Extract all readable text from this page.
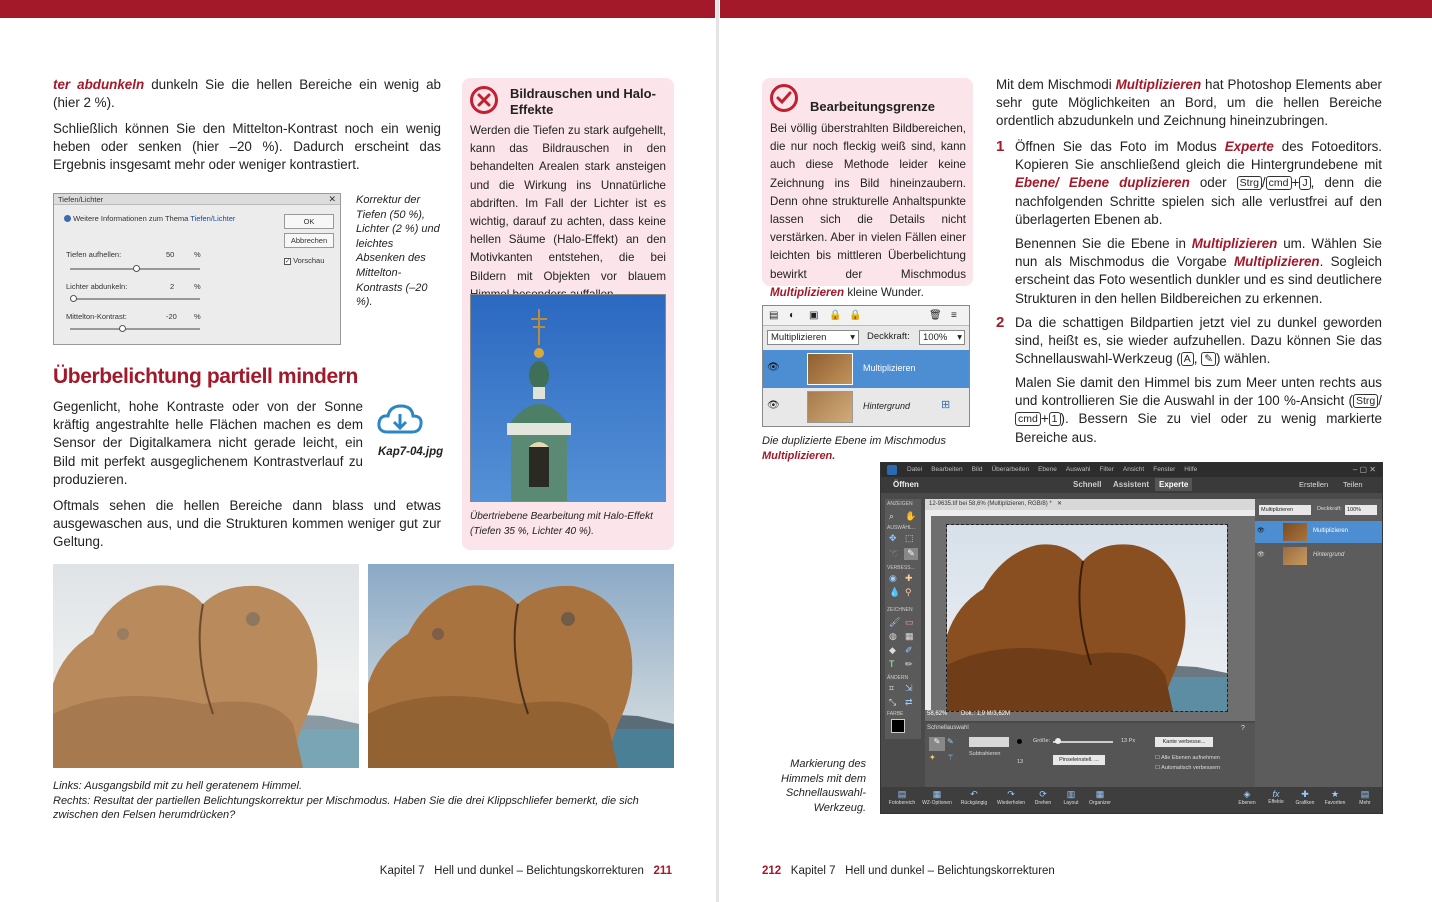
ter abdunkeln dunkeln Sie die hellen Bereiche ein wenig ab (hier 2 %).
Schließlich können Sie den Mittelton-Kontrast noch ein wenig heben oder senken (hier –20 %). Dadurch erscheint das Ergebnis insgesamt mehr oder weniger kontrastiert.
Tiefen/Lichter	✕
Weitere Informationen zum Thema Tiefen/Lichter	OK
Abbrechen
✓ Vorschau
Tiefen aufhellen:	50	%
Lichter abdunkeln:	2	%
Mittelton-Kontrast:	-20 %
Korrektur der Tiefen (50 %), Lichter (2 %) und leichtes Absenken des Mittelton-Kontrasts (–20 %).
Bildrauschen und Halo-Effekte
Werden die Tiefen zu stark aufgehellt, kann das Bildrauschen in den behandelten Arealen stark ansteigen und die Wirkung ins Unnatürliche abdriften. Im Fall der Lichter ist es wichtig, darauf zu achten, dass keine hellen Säume (Halo-Effekt) an den Motivkanten entstehen, die bei Bildern mit Objekten vor blauem
Übertriebene Bearbeitung mit Halo-Effekt (Tiefen 35 %, Lichter 40 %).
Überbelichtung partiell mindern
Gegenlicht, hohe Kontraste oder von der Sonne kräftig angestrahlte helle Flächen machen es dem Sensor der Digitalkamera nicht gerade leicht, ein Bild mit perfekt ausgeglichenem Kontrastverlauf zu produzieren.
Kap7-04.jpg
Oftmals sehen die hellen Bereiche dann blass und etwas ausgewaschen aus, und die Strukturen kommen weniger gut zur Geltung.
Links: Ausgangsbild mit zu hell geratenem Himmel.
Rechts: Resultat der partiellen Belichtungskorrektur per Mischmodus. Haben Sie die drei Klippschliefer bemerkt, die sich zwischen den Felsen herumdrücken?
Kapitel 7 Hell und dunkel – Belichtungskorrekturen 211
Bearbeitungsgrenze
Bei völlig überstrahlten Bildbereichen, die nur noch fleckig weiß sind, kann auch diese Methode leider keine Zeichnung ins Bild hineinzaubern. Denn ohne strukturelle Anhaltspunkte lassen sich die Details nicht verstärken. Aber in vielen Fällen einer leichten bis mittleren Überbelichtung bewirkt der Mischmodus Multiplizieren kleine Wunder.
▤ ◐ ▣ 🔒 🔒	🗑 ≡
Multiplizieren	▾ Deckkraft:	100% ▾
👁	Multiplizieren
👁	Hintergrund	⊞
Die duplizierte Ebene im Mischmodus Multiplizieren.
Mit dem Mischmodi Multiplizieren hat Photoshop Elements aber sehr gute Möglichkeiten an Bord, um die hellen Bereiche ordentlich abzudunkeln und Zeichnung hineinzubringen.
1 Öffnen Sie das Foto im Modus Experte des Fotoeditors. Kopieren Sie anschließend gleich die Hintergrundebene mit Ebene/ Ebene duplizieren oder Strg / cmd + J , denn die nachfolgenden Schritte spielen sich alle verlustfrei auf den überlagerten Ebenen ab.
Benennen Sie die Ebene in Multiplizieren um. Wählen Sie nun als Mischmodus die Vorgabe Multiplizieren. Sogleich erscheint das Foto wesentlich dunkler und es sind deutlichere Strukturen in den hellen Bildbereichen zu erkennen.
2 Da die schattigen Bildpartien jetzt viel zu dunkel geworden sind, heißt es, sie wieder aufzuhellen. Dazu können Sie das Schnellauswahl-Werkzeug ( A , ✎ ) wählen.
Malen Sie damit den Himmel bis zum Meer unten rechts aus und kontrollieren Sie die Auswahl in der 100 %-Ansicht ( Strg / cmd + 1 ). Bessern Sie zu viel oder zu wenig markierte Bereiche aus.
Datei Bearbeiten Bild Überarbeiten Ebene Auswahl Filter Ansicht Fenster Hilfe	– ▢ ✕
Öffnen	Schnell Assistent	Experte	Erstellen Teilen
ANZEIGEN
⌕ ✋
AUSWÄHL...
✥ ⬚
➰ ✎
VERBESS...
◉ ✚
💧 ⚲
ZEICHNEN
🖌 ▭
◍ ▦
◆ ✐
T ✏
ÄNDERN
⌗ ⇲
⤡ ⇄
FARBE
12-9635.tif bei 58,6% (Multiplizieren, RGB/8) * ✕
58,62% Dok.: 1,9 M/3,62M
Multiplizieren	Deckkraft: 100%
👁	Multiplizieren
👁	Hintergrund
Schnellauswahl
✎ ✎
✦ ⚚	Subtrahieren
13
Größe:	13 Px
Pinseleinstell. ...
Kante verbesse...
☐ Alle Ebenen aufnehmen
☐ Automatisch verbessern
?
▤
Fotobereich
▦
WZ-Optionen
↶
Rückgängig
↷
Wiederholen
⟳
Drehen
▥
Layout
▦
Organizer
◈
Ebenen
fx
Effekte
✚
Grafiken
★
Favoriten
▤
Mehr
Markierung des Himmels mit dem Schnellauswahl-Werkzeug.
212 Kapitel 7 Hell und dunkel – Belichtungskorrekturen
